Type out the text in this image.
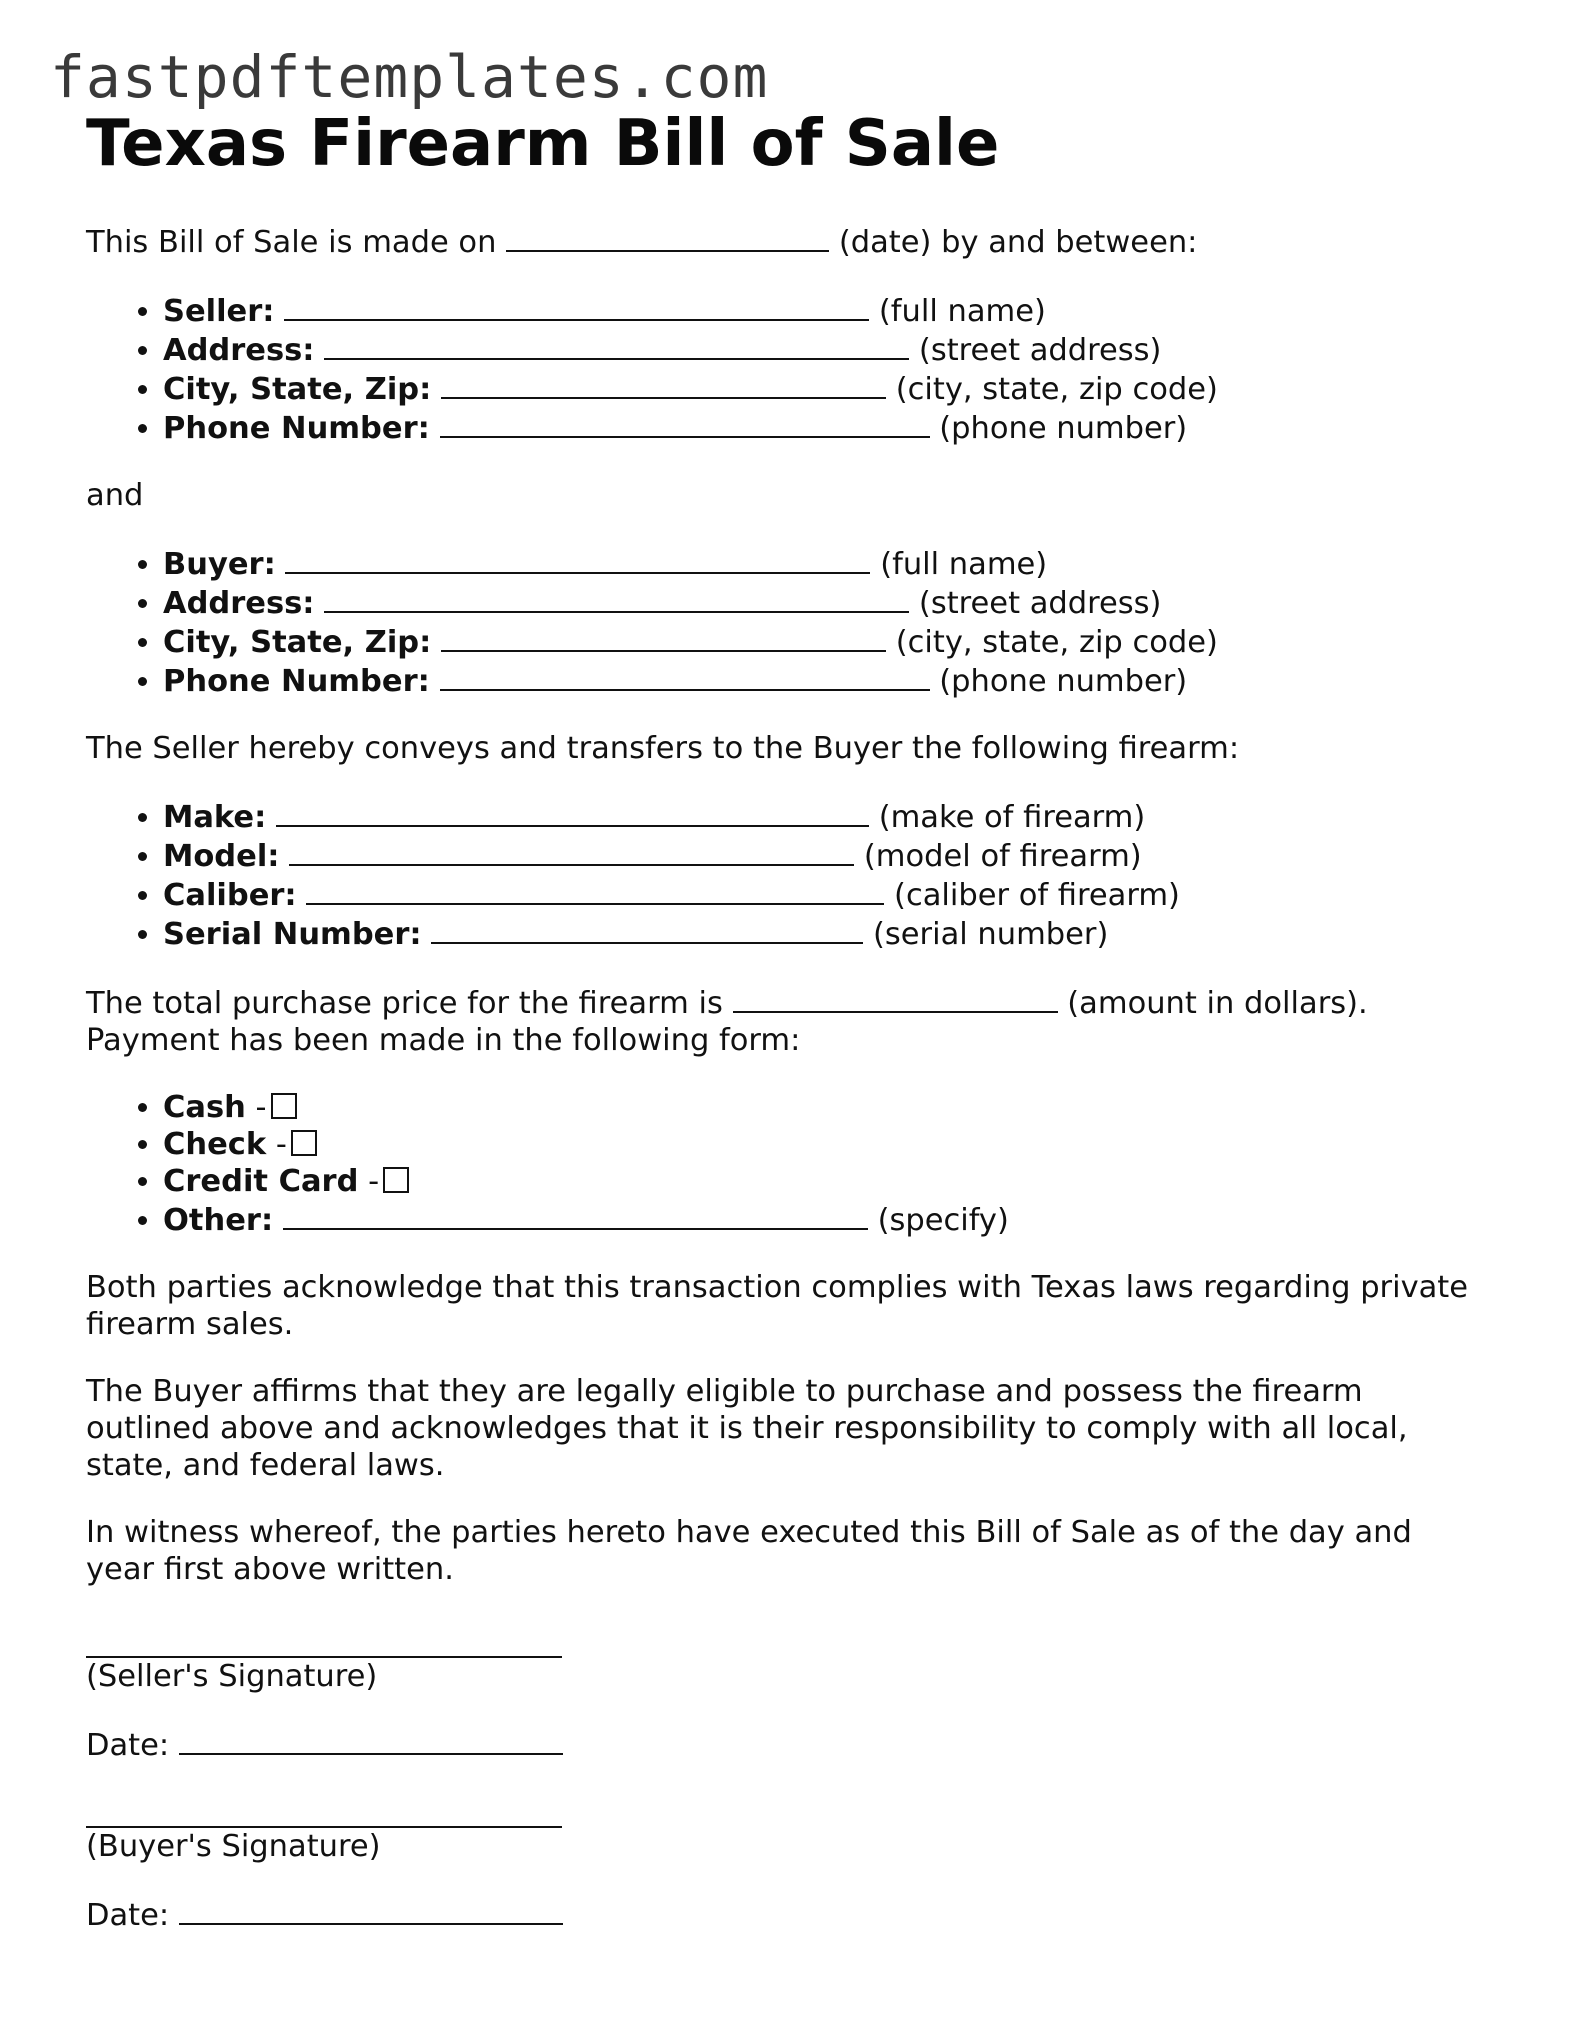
fastpdftemplates.com
Texas Firearm Bill of Sale

This Bill of Sale is made on	(date) by and between:

• Seller:	(full name)
• Address:	(street address)
• City, State, Zip:	(city, state, zip code)
• Phone Number:	(phone number)

and

• Buyer:	(full name)
• Address:	(street address)
• City, State, Zip:	(city, state, zip code)
• Phone Number:	(phone number)

The Seller hereby conveys and transfers to the Buyer the following firearm:

• Make:	(make of firearm)
• Model:	(model of firearm)
• Caliber:	(caliber of firearm)
• Serial Number:	(serial number)

The total purchase price for the firearm is	(amount in dollars).
Payment has been made in the following form:

• Cash -
• Check -
• Credit Card -
• Other:	(specify)

Both parties acknowledge that this transaction complies with Texas laws regarding private firearm sales.

The Buyer affirms that they are legally eligible to purchase and possess the firearm outlined above and acknowledges that it is their responsibility to comply with all local, state, and federal laws.

In witness whereof, the parties hereto have executed this Bill of Sale as of the day and year first above written.

(Seller's Signature)

Date:

(Buyer's Signature)

Date:
